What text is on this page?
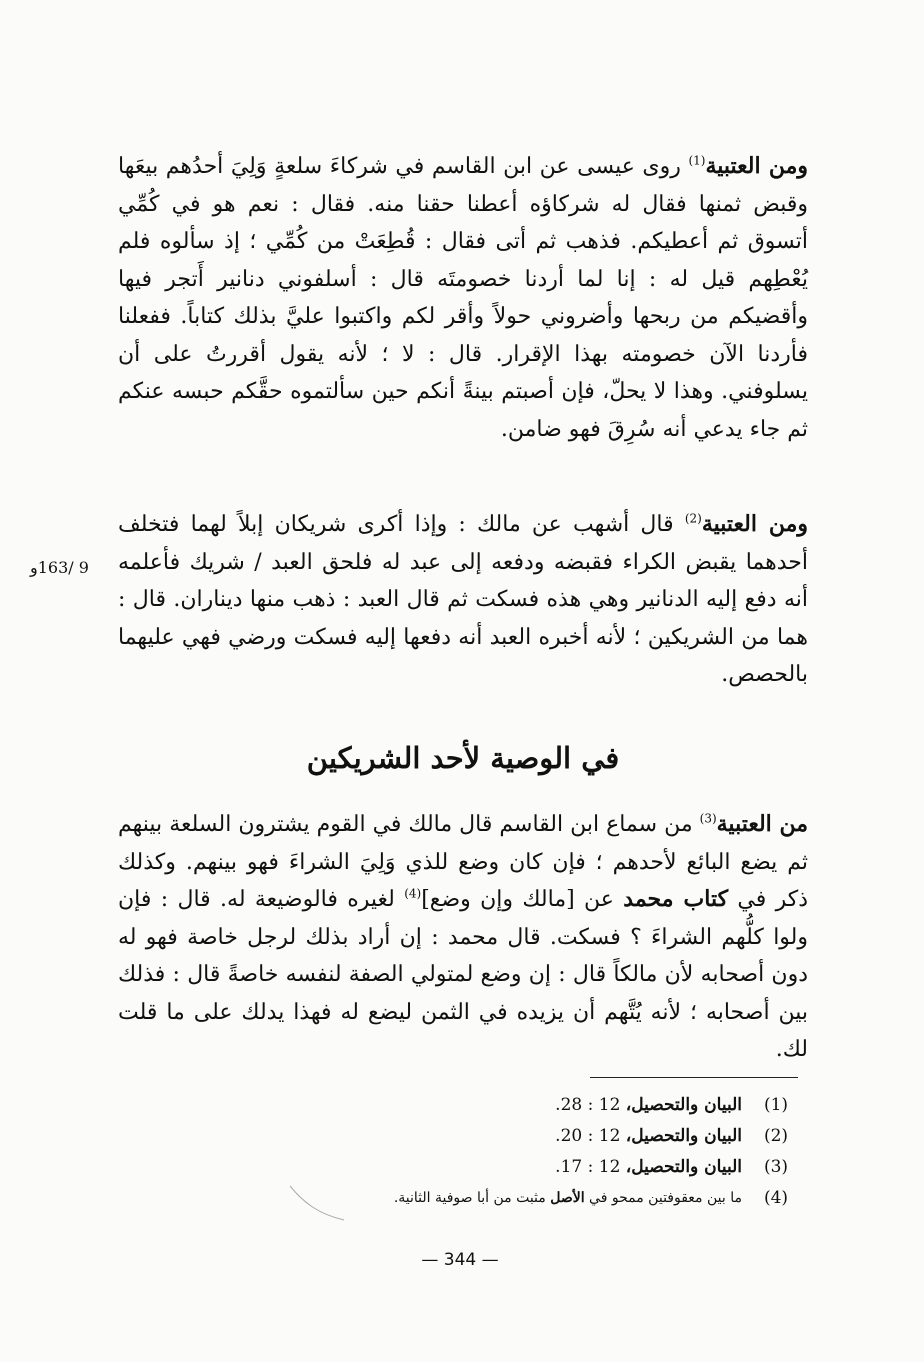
9 /163و

ومن العتبية$^{(1)}$ روى عيسى عن ابن القاسم في شركاءَ سلعةٍ وَلِيَ أحدُهم بيعَها وقبض ثمنها فقال له شركاؤه أعطنا حقنا منه. فقال : نعم هو في كُمِّي أتسوق ثم أعطيكم. فذهب ثم أتى فقال : قُطِعَتْ من كُمِّي ؛ إذ سألوه فلم يُعْطِهم قيل له : إنا لما أردنا خصومتَه قال : أسلفوني دنانير أَتجر فيها وأقضيكم من ربحها وأضروني حولاً وأقر لكم واكتبوا عليَّ بذلك كتاباً. ففعلنا فأردنا الآن خصومته بهذا الإقرار. قال : لا ؛ لأنه يقول أقررتُ على أن يسلوفني. وهذا لا يحلّ، فإن أصبتم بينةً أنكم حين سألتموه حقَّكم حبسه عنكم ثم جاء يدعي أنه سُرِقَ فهو ضامن.

ومن العتبية$^{(2)}$ قال أشهب عن مالك : وإذا أكرى شريكان إبلاً لهما فتخلف أحدهما يقبض الكراء فقبضه ودفعه إلى عبد له فلحق العبد / شريك فأعلمه أنه دفع إليه الدنانير وهي هذه فسكت ثم قال العبد : ذهب منها ديناران. قال : هما من الشريكين ؛ لأنه أخبره العبد أنه دفعها إليه فسكت ورضي فهي عليهما بالحصص.

في الوصية لأحد الشريكين

من العتبية$^{(3)}$ من سماع ابن القاسم قال مالك في القوم يشترون السلعة بينهم ثم يضع البائع لأحدهم ؛ فإن كان وضع للذي وَلِيَ الشراءَ فهو بينهم. وكذلك ذكر في كتاب محمد عن [مالك وإن وضع]$^{(4)}$ لغيره فالوضيعة له. قال : فإن ولوا كلُّهم الشراءَ ؟ فسكت. قال محمد : إن أراد بذلك لرجل خاصة فهو له دون أصحابه لأن مالكاً قال : إن وضع لمتولي الصفة لنفسه خاصةً قال : فذلك بين أصحابه ؛ لأنه يُتَّهم أن يزيده في الثمن ليضع له فهذا يدلك على ما قلت لك.

(1)
البيان والتحصيل، 12 : 28.
(2)
البيان والتحصيل، 12 : 20.
(3)
البيان والتحصيل، 12 : 17.
(4)
ما بين معقوفتين ممحو في الأصل مثبت من أبا صوفية الثانية.
— 344 —
